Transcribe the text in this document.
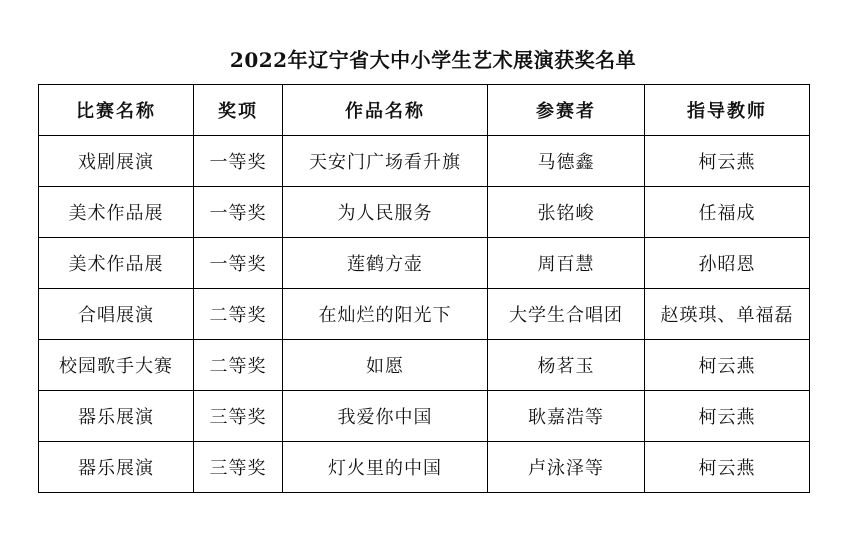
2022年辽宁省大中小学生艺术展演获奖名单
比赛名称	奖项	作品名称	参赛者	指导教师
戏剧展演	一等奖	天安门广场看升旗	马德鑫	柯云燕
美术作品展	一等奖	为人民服务	张铭峻	任福成
美术作品展	一等奖	莲鹤方壶	周百慧	孙昭恩
合唱展演	二等奖	在灿烂的阳光下	大学生合唱团	赵瑛琪、单福磊
校园歌手大赛	二等奖	如愿	杨茗玉	柯云燕
器乐展演	三等奖	我爱你中国	耿嘉浩等	柯云燕
器乐展演	三等奖	灯火里的中国	卢泳泽等	柯云燕
